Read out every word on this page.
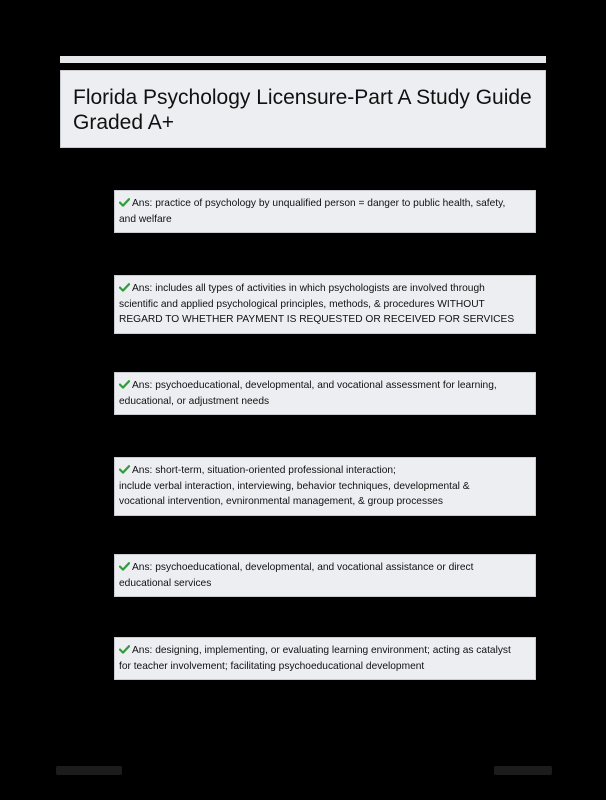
Florida Psychology Licensure-Part A Study Guide
Graded A+
Ans: practice of psychology by unqualified person = danger to public health, safety,
and welfare
Ans: includes all types of activities in which psychologists are involved through
scientific and applied psychological principles, methods, & procedures WITHOUT
REGARD TO WHETHER PAYMENT IS REQUESTED OR RECEIVED FOR SERVICES
Ans: psychoeducational, developmental, and vocational assessment for learning,
educational, or adjustment needs
Ans: short-term, situation-oriented professional interaction;
include verbal interaction, interviewing, behavior techniques, developmental &
vocational intervention, evnironmental management, & group processes
Ans: psychoeducational, developmental, and vocational assistance or direct
educational services
Ans: designing, implementing, or evaluating learning environment; acting as catalyst
for teacher involvement; facilitating psychoeducational development
